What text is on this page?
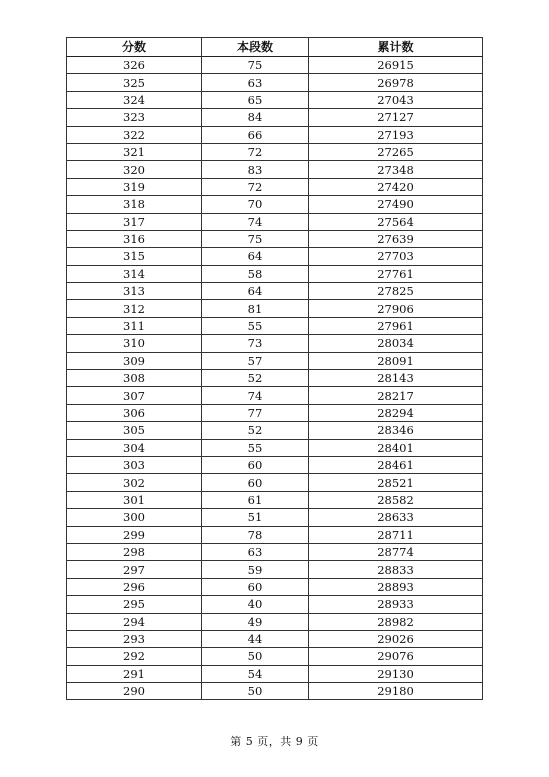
分数	本段数	累计数
326	75	26915
325	63	26978
324	65	27043
323	84	27127
322	66	27193
321	72	27265
320	83	27348
319	72	27420
318	70	27490
317	74	27564
316	75	27639
315	64	27703
314	58	27761
313	64	27825
312	81	27906
311	55	27961
310	73	28034
309	57	28091
308	52	28143
307	74	28217
306	77	28294
305	52	28346
304	55	28401
303	60	28461
302	60	28521
301	61	28582
300	51	28633
299	78	28711
298	63	28774
297	59	28833
296	60	28893
295	40	28933
294	49	28982
293	44	29026
292	50	29076
291	54	29130
290	50	29180
第 5 页，共 9 页
